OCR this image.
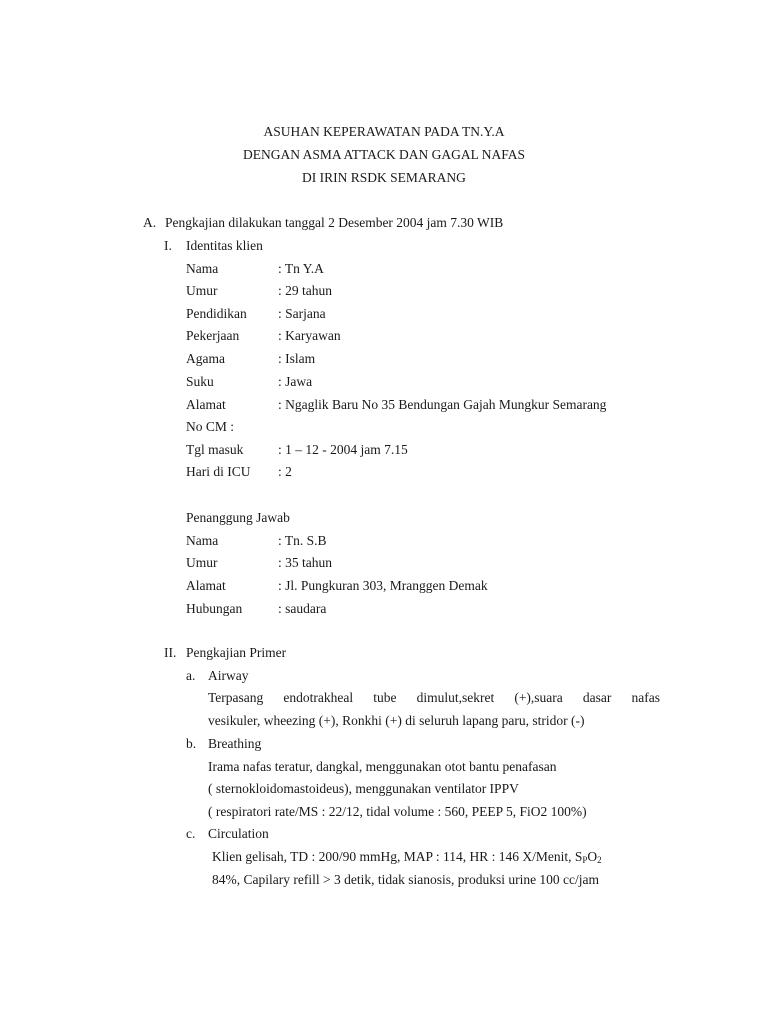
ASUHAN KEPERAWATAN PADA TN.Y.A
DENGAN ASMA ATTACK DAN GAGAL NAFAS
DI IRIN RSDK SEMARANG
A. Pengkajian dilakukan tanggal 2 Desember 2004 jam 7.30 WIB
I. Identitas klien
Nama	: Tn Y.A
Umur	: 29 tahun
Pendidikan : Sarjana
Pekerjaan	: Karyawan
Agama	: Islam
Suku	: Jawa
Alamat	: Ngaglik Baru No 35 Bendungan Gajah Mungkur Semarang
No CM :
Tgl masuk	: 1 – 12 - 2004 jam 7.15
Hari di ICU : 2
Penanggung Jawab
Nama	: Tn. S.B
Umur	: 35 tahun
Alamat	: Jl. Pungkuran 303, Mranggen Demak
Hubungan	: saudara
II. Pengkajian Primer
a. Airway
Terpasang endotrakheal tube dimulut,sekret (+),suara dasar nafas
vesikuler, wheezing (+), Ronkhi (+) di seluruh lapang paru, stridor (-)
b. Breathing
Irama nafas teratur, dangkal, menggunakan otot bantu penafasan
( sternokloidomastoideus), menggunakan ventilator IPPV
( respiratori rate/MS : 22/12, tidal volume : 560, PEEP 5, FiO2 100%)
c. Circulation
Klien gelisah, TD : 200/90 mmHg, MAP : 114, HR : 146 X/Menit, $S_PO_2$
84%, Capilary refill > 3 detik, tidak sianosis, produksi urine 100 cc/jam
